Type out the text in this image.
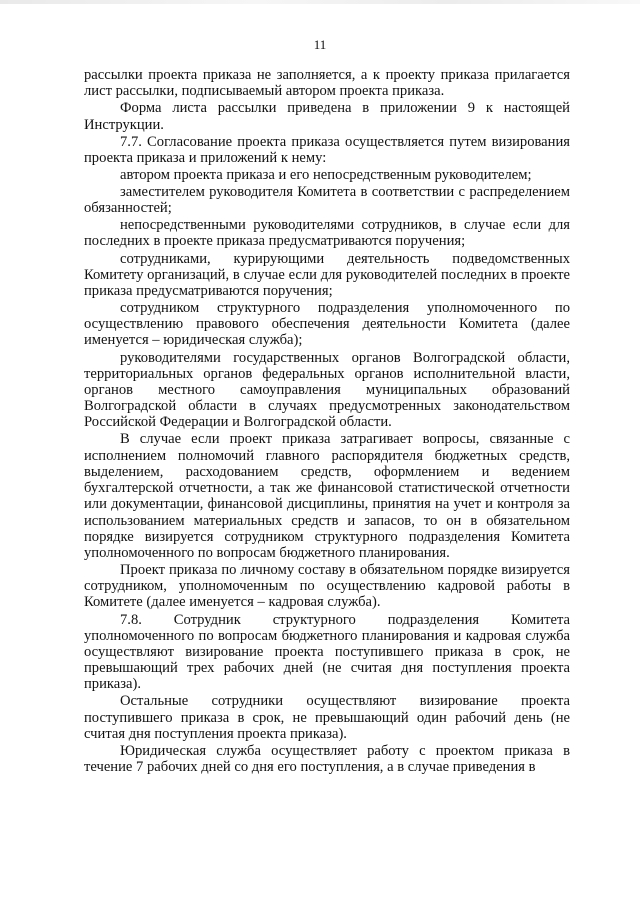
11

рассылки проекта приказа не заполняется, а к проекту приказа прилагается лист рассылки, подписываемый автором проекта приказа.

Форма листа рассылки приведена в приложении 9 к настоящей Инструкции.

7.7. Согласование проекта приказа осуществляется путем визирования проекта приказа и приложений к нему:

автором проекта приказа и его непосредственным руководителем;

заместителем руководителя Комитета в соответствии с распределением обязанностей;

непосредственными руководителями сотрудников, в случае если для последних в проекте приказа предусматриваются поручения;

сотрудниками, курирующими деятельность подведомственных Комитету организаций, в случае если для руководителей последних в проекте приказа предусматриваются поручения;

сотрудником структурного подразделения уполномоченного по осуществлению правового обеспечения деятельности Комитета (далее именуется – юридическая служба);

руководителями государственных органов Волгоградской области, территориальных органов федеральных органов исполнительной власти, органов местного самоуправления муниципальных образований Волгоградской области в случаях предусмотренных законодательством Российской Федерации и Волгоградской области.

В случае если проект приказа затрагивает вопросы, связанные с исполнением полномочий главного распорядителя бюджетных средств, выделением, расходованием средств, оформлением и ведением бухгалтерской отчетности, а так же финансовой статистической отчетности или документации, финансовой дисциплины, принятия на учет и контроля за использованием материальных средств и запасов, то он в обязательном порядке визируется сотрудником структурного подразделения Комитета уполномоченного по вопросам бюджетного планирования.

Проект приказа по личному составу в обязательном порядке визируется сотрудником, уполномоченным по осуществлению кадровой работы в Комитете (далее именуется – кадровая служба).

7.8. Сотрудник структурного подразделения Комитета уполномоченного по вопросам бюджетного планирования и кадровая служба осуществляют визирование проекта поступившего приказа в срок, не превышающий трех рабочих дней (не считая дня поступления проекта приказа).

Остальные сотрудники осуществляют визирование проекта поступившего приказа в срок, не превышающий один рабочий день (не считая дня поступления проекта приказа).

Юридическая служба осуществляет работу с проектом приказа в течение 7 рабочих дней со дня его поступления, а в случае приведения в
